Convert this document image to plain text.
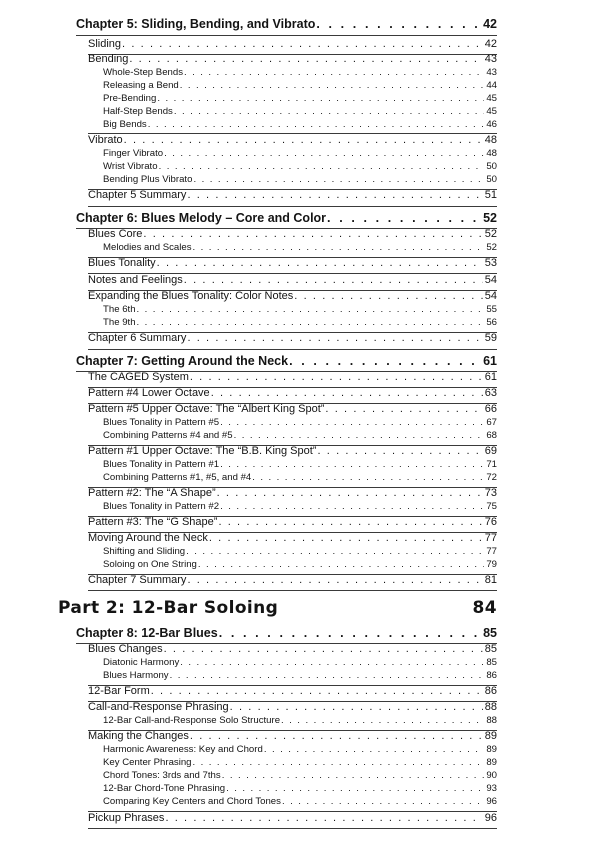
Chapter 5: Sliding, Bending, and Vibrato . . .	42
Sliding . . .	42
Bending . . .	43
Whole-Step Bends . . .	43
Releasing a Bend . . .	44
Pre-Bending . . .	45
Half-Step Bends . . .	45
Big Bends . . .	46
Vibrato . . .	48
Finger Vibrato . . .	48
Wrist Vibrato . . .	50
Bending Plus Vibrato . . .	50
Chapter 5 Summary . . .	51
Chapter 6: Blues Melody – Core and Color . . .	52
Blues Core . . .	52
Melodies and Scales . . .	52
Blues Tonality . . .	53
Notes and Feelings . . .	54
Expanding the Blues Tonality: Color Notes . . .	54
The 6th . . .	55
The 9th . . .	56
Chapter 6 Summary . . .	59
Chapter 7: Getting Around the Neck . . .	61
The CAGED System . . .	61
Pattern #4 Lower Octave . . .	63
Pattern #5 Upper Octave: The “Albert King Spot” . . .	66
Blues Tonality in Pattern #5 . . .	67
Combining Patterns #4 and #5 . . .	68
Pattern #1 Upper Octave: The “B.B. King Spot” . . .	69
Blues Tonality in Pattern #1 . . .	71
Combining Patterns #1, #5, and #4 . . .	72
Pattern #2: The “A Shape” . . .	73
Blues Tonality in Pattern #2 . . .	75
Pattern #3: The “G Shape” . . .	76
Moving Around the Neck . . .	77
Shifting and Sliding . . .	77
Soloing on One String . . .	79
Chapter 7 Summary . . .	81
Part 2: 12-Bar Soloing	84
Chapter 8: 12-Bar Blues . . .	85
Blues Changes . . .	85
Diatonic Harmony . . .	85
Blues Harmony . . .	86
12-Bar Form . . .	86
Call-and-Response Phrasing . . .	88
12-Bar Call-and-Response Solo Structure . . .	88
Making the Changes . . .	89
Harmonic Awareness: Key and Chord . . .	89
Key Center Phrasing . . .	89
Chord Tones: 3rds and 7ths . . .	90
12-Bar Chord-Tone Phrasing . . .	93
Comparing Key Centers and Chord Tones . . .	96
Pickup Phrases . . .	96
